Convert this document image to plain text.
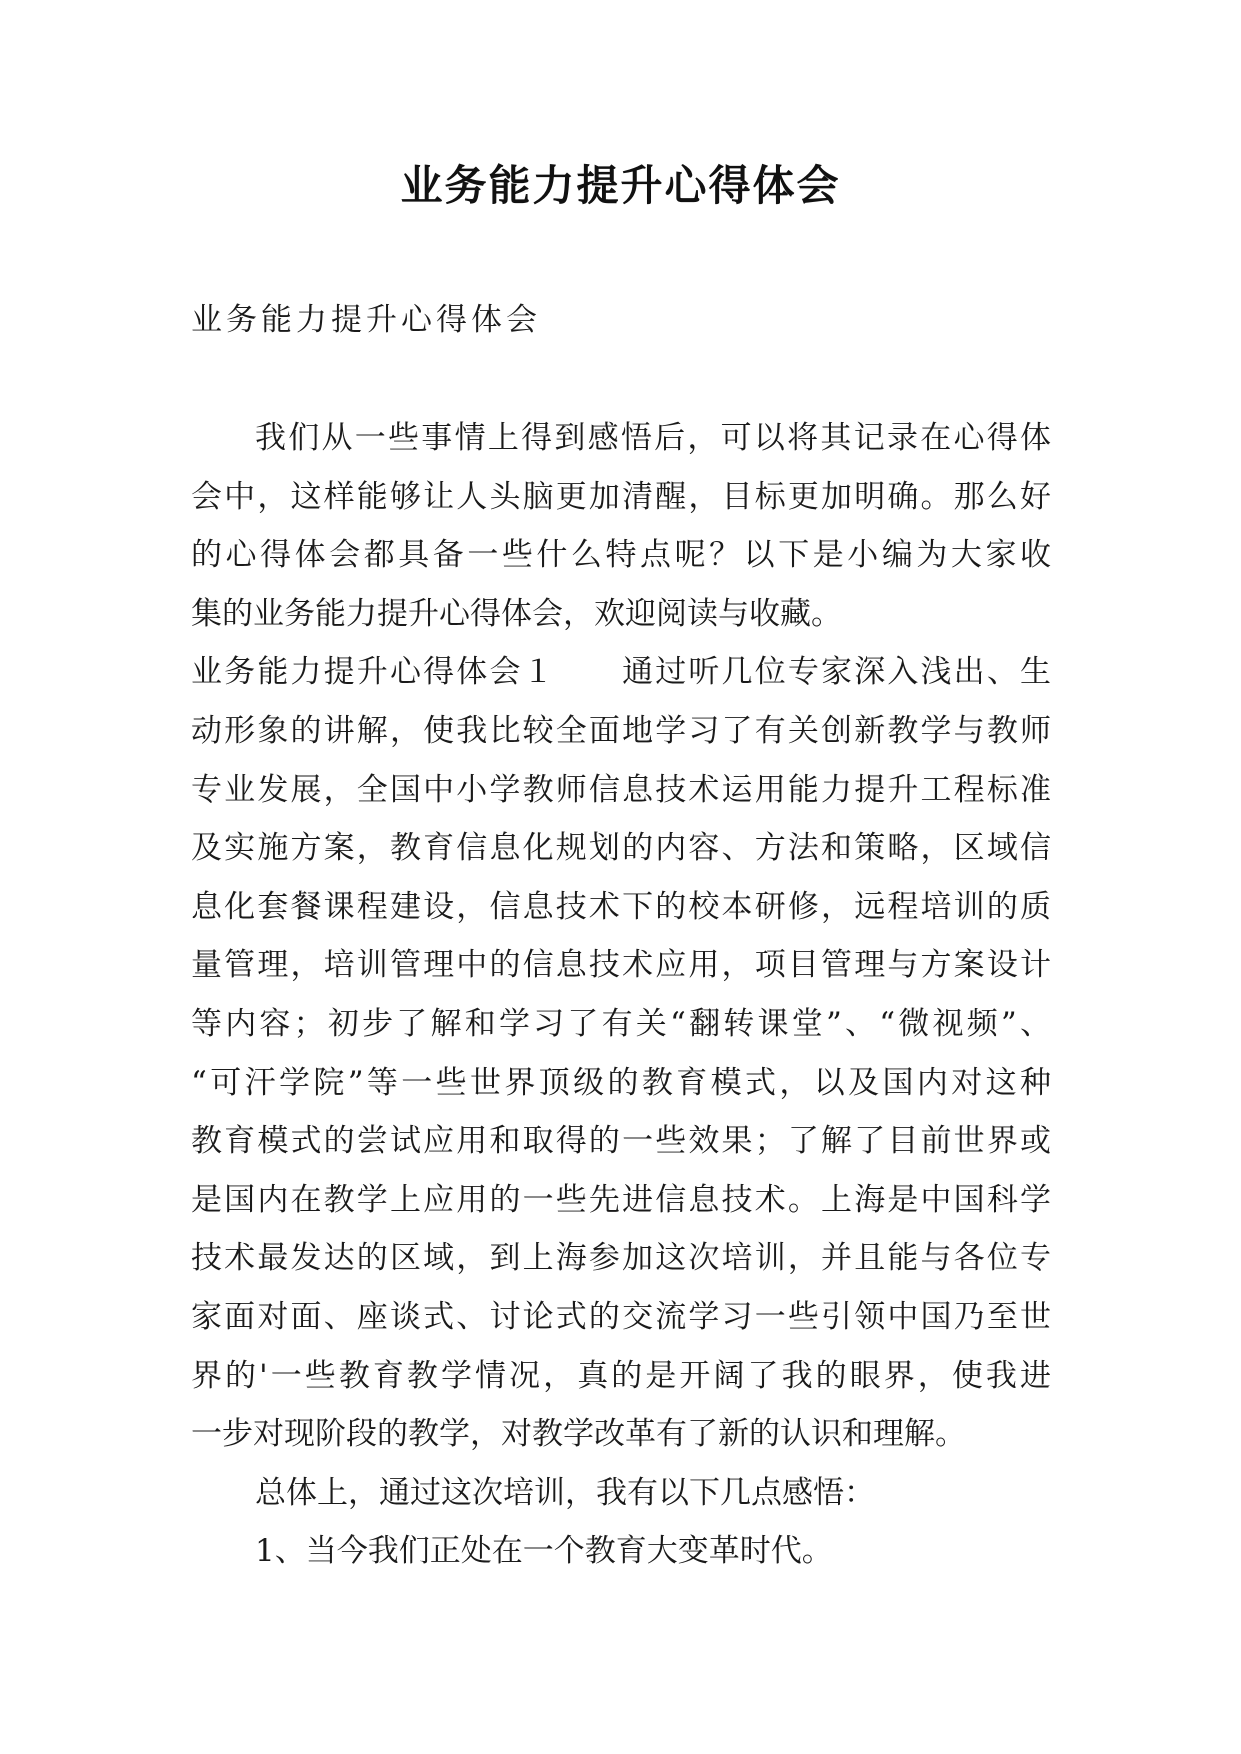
业务能力提升心得体会

业务能力提升心得体会

我们从一些事情上得到感悟后，可以将其记录在心得体
会中，这样能够让人头脑更加清醒，目标更加明确。那么好
的心得体会都具备一些什么特点呢？以下是小编为大家收
集的业务能力提升心得体会，欢迎阅读与收藏。
业务能力提升心得体会１　　通过听几位专家深入浅出、生
动形象的讲解，使我比较全面地学习了有关创新教学与教师
专业发展，全国中小学教师信息技术运用能力提升工程标准
及实施方案，教育信息化规划的内容、方法和策略，区域信
息化套餐课程建设，信息技术下的校本研修，远程培训的质
量管理，培训管理中的信息技术应用，项目管理与方案设计
等内容；初步了解和学习了有关“翻转课堂”、“微视频”、
“可汗学院”等一些世界顶级的教育模式，以及国内对这种
教育模式的尝试应用和取得的一些效果；了解了目前世界或
是国内在教学上应用的一些先进信息技术。上海是中国科学
技术最发达的区域，到上海参加这次培训，并且能与各位专
家面对面、座谈式、讨论式的交流学习一些引领中国乃至世
界的'一些教育教学情况，真的是开阔了我的眼界，使我进
一步对现阶段的教学，对教学改革有了新的认识和理解。
总体上，通过这次培训，我有以下几点感悟：
1、当今我们正处在一个教育大变革时代。
